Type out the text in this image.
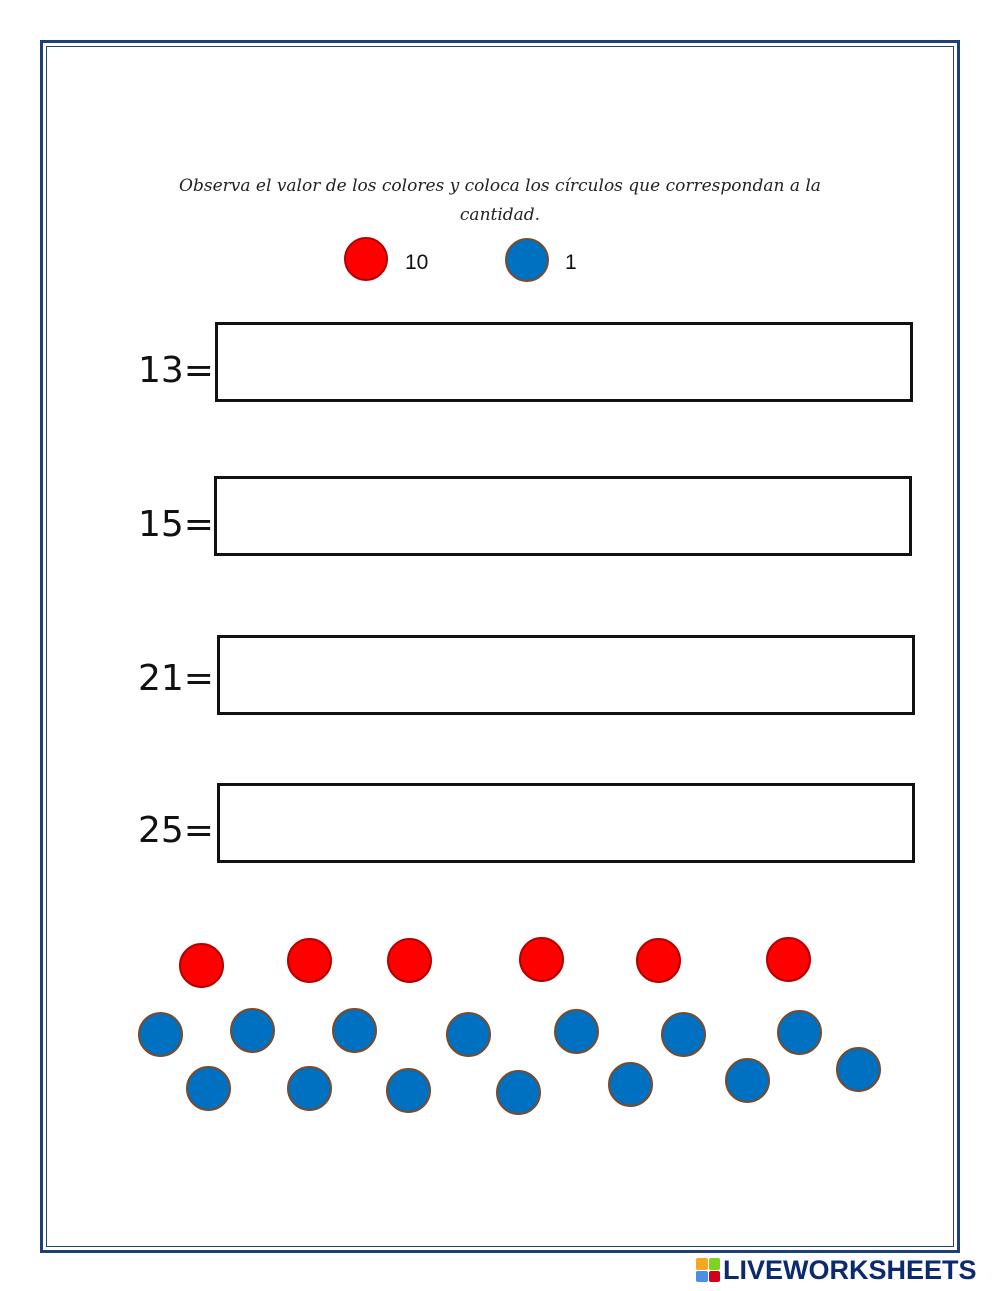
Observa el valor de los colores y coloca los círculos que correspondan a la cantidad.
10	1
13=
15=
21=
25=
LIVEWORKSHEETS
